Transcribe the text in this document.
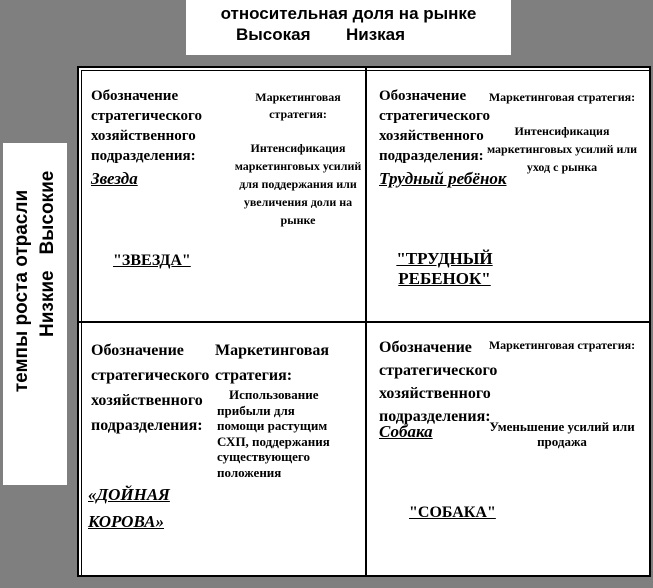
относительная доля на рынке
Высокая Низкая
темпы роста отрасли Низкие   Высокие
Обозначение стратегического хозяйственного подразделения:
Звезда
Маркетинговая стратегия:
Интенсификация маркетинговых усилий для поддержания или увеличения доли на рынке
"ЗВЕЗДА"
Обозначение стратегического хозяйственного подразделения:
Трудный ребёнок
Маркетинговая стратегия:
Интенсификация маркетинговых усилий или уход с рынка
"ТРУДНЫЙ РЕБЕНОК"
Обозначение стратегического хозяйственного подразделения:
Маркетинговая стратегия:
Использование прибыли для помощи растущим СХП, поддержания существующего положения
«ДОЙНАЯ КОРОВА»
Обозначение стратегического хозяйственного подразделения:
Собака
Маркетинговая стратегия:
Уменьшение усилий или продажа
"СОБАКА"
